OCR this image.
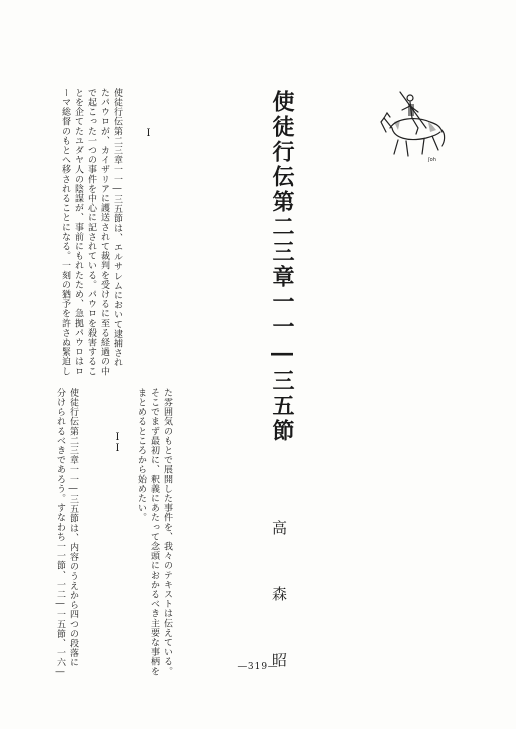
ʃoh
使徒行伝第二三章一一―三五節
高　森　昭
I
使徒行伝第二三章一一―三五節は、エルサレムにおいて逮捕され
たパウロが、カイザリアに護送されて裁判を受けるに至る経過の中
で起こった一つの事件を中心に記されている。パウロを殺害するこ
とを企てたユダヤ人の陰謀が、事前にもれたため、急拠パウロはロ
ーマ総督のもとへ移されることになる。一刻の猶予を許さぬ緊迫し
た雰囲気のもとで展開した事件を、我々のテキストは伝えている。
そこでまず最初に、釈義にあたって念頭におかるべき主要な事柄を
まとめるところから始めたい。
II
使徒行伝第二三章一一―三五節は、内容のうえから四つの段落に
分けられるべきであろう。すなわち一一節、一二―一五節、一六―	―319―
